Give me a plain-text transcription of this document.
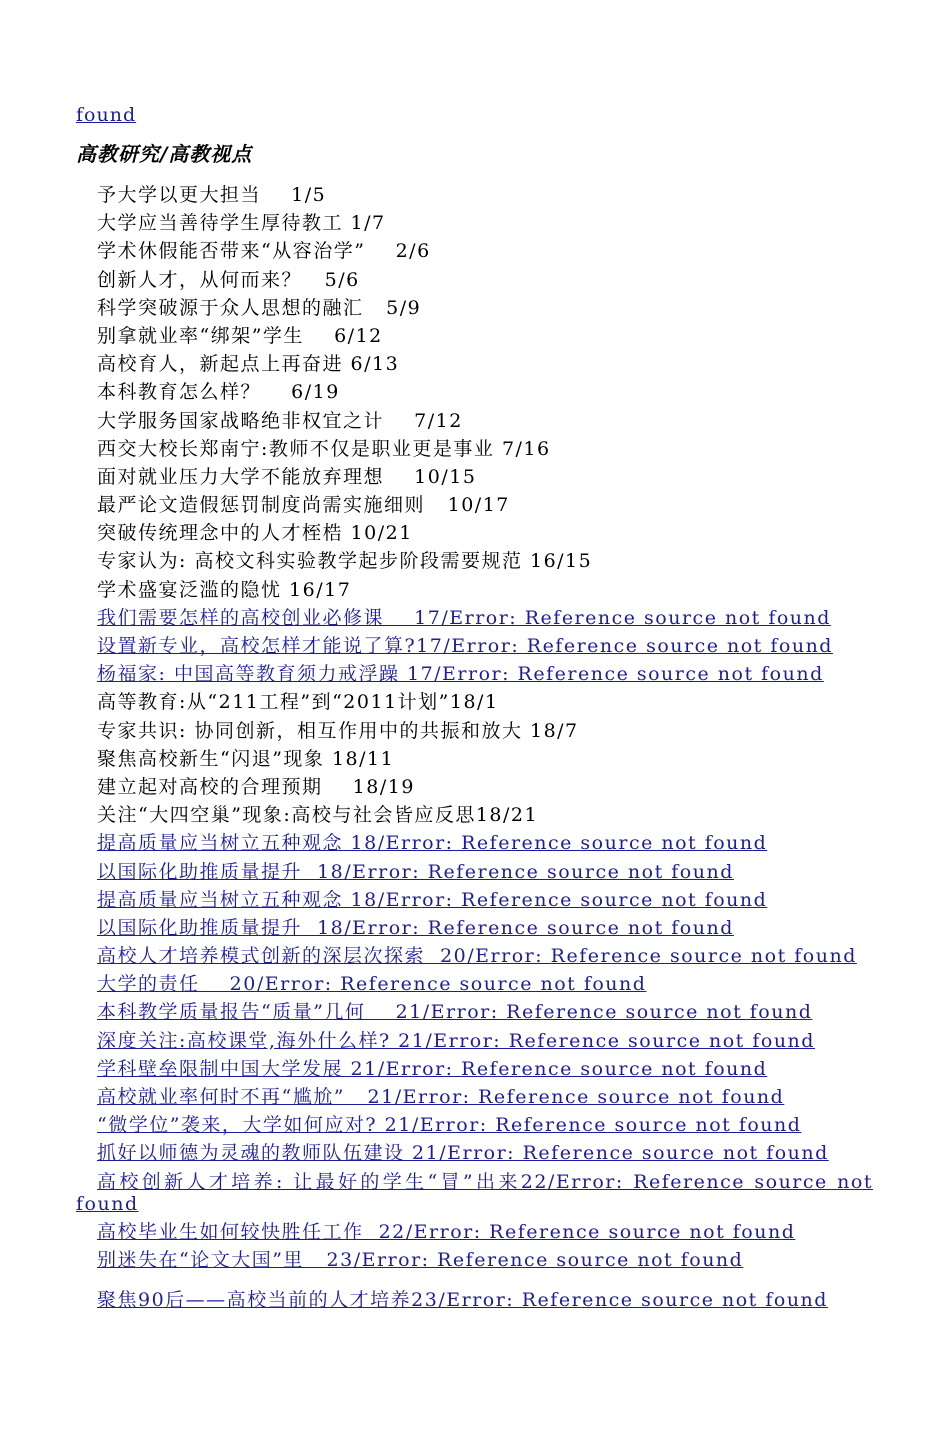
found
高教研究/高教视点
予大学以更大担当    1/5
大学应当善待学生厚待教工 1/7
学术休假能否带来“从容治学”    2/6
创新人才，从何而来？   5/6
科学突破源于众人思想的融汇   5/9
别拿就业率“绑架”学生    6/12
高校育人，新起点上再奋进 6/13
本科教育怎么样？    6/19
大学服务国家战略绝非权宜之计    7/12
西交大校长郑南宁:教师不仅是职业更是事业 7/16
面对就业压力大学不能放弃理想    10/15
最严论文造假惩罚制度尚需实施细则   10/17
突破传统理念中的人才桎梏 10/21
专家认为: 高校文科实验教学起步阶段需要规范 16/15
学术盛宴泛滥的隐忧 16/17
我们需要怎样的高校创业必修课    17/Error: Reference source not found
设置新专业，高校怎样才能说了算?17/Error: Reference source not found
杨福家: 中国高等教育须力戒浮躁 17/Error: Reference source not found
高等教育:从“211工程”到“2011计划”18/1
专家共识: 协同创新，相互作用中的共振和放大 18/7
聚焦高校新生“闪退”现象 18/11
建立起对高校的合理预期    18/19
关注“大四空巢”现象:高校与社会皆应反思18/21
提高质量应当树立五种观念 18/Error: Reference source not found
以国际化助推质量提升  18/Error: Reference source not found
提高质量应当树立五种观念 18/Error: Reference source not found
以国际化助推质量提升  18/Error: Reference source not found
高校人才培养模式创新的深层次探索  20/Error: Reference source not found
大学的责任    20/Error: Reference source not found
本科教学质量报告“质量”几何    21/Error: Reference source not found
深度关注:高校课堂,海外什么样? 21/Error: Reference source not found
学科壁垒限制中国大学发展 21/Error: Reference source not found
高校就业率何时不再“尴尬”   21/Error: Reference source not found
“微学位”袭来，大学如何应对? 21/Error: Reference source not found
抓好以师德为灵魂的教师队伍建设 21/Error: Reference source not found
高校创新人才培养: 让最好的学生“冒”出来22/Error: Reference source not
found
高校毕业生如何较快胜任工作  22/Error: Reference source not found
别迷失在“论文大国”里   23/Error: Reference source not found
聚焦90后——高校当前的人才培养23/Error: Reference source not found
